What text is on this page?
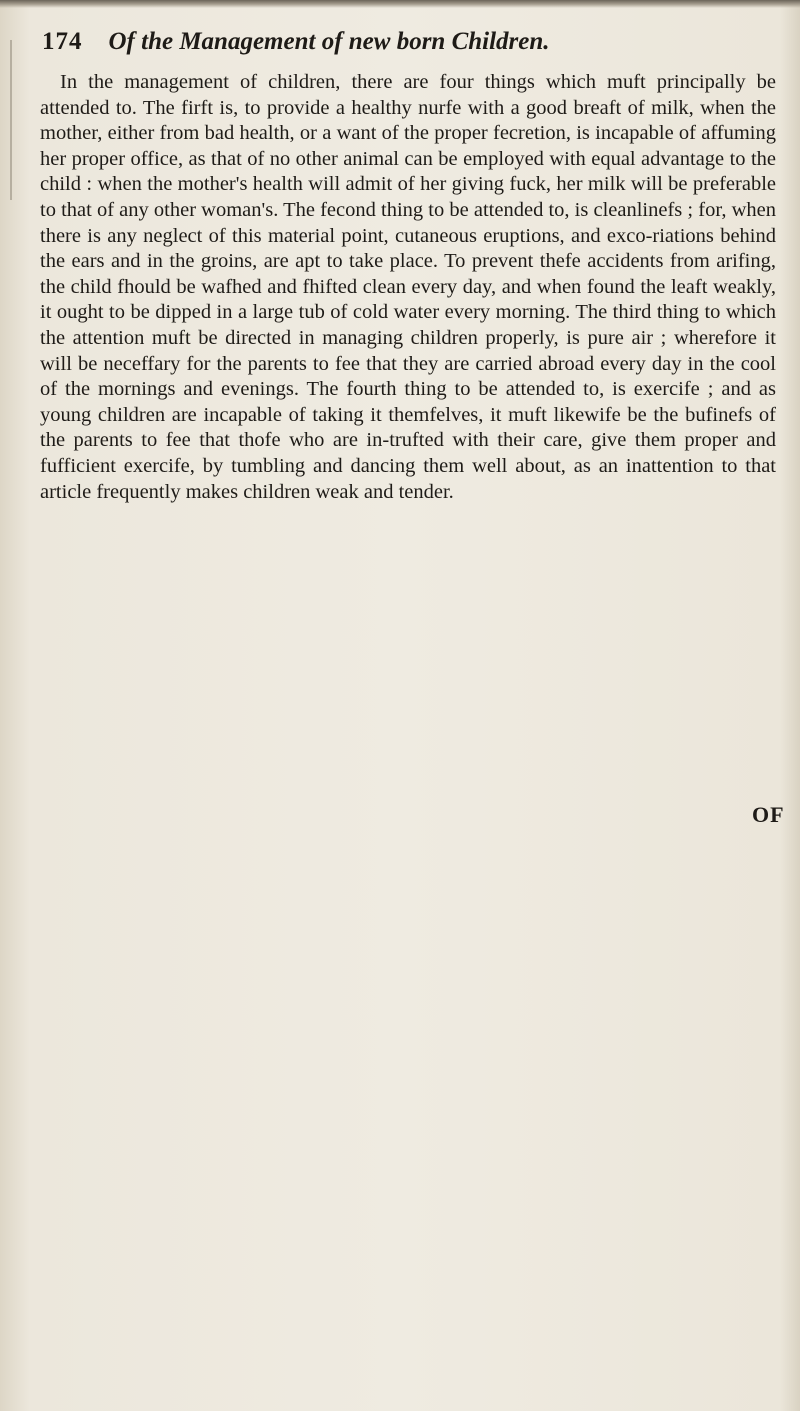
174 Of the Management of new born Children.

In the management of children, there are four things which muft principally be attended to. The firft is, to provide a healthy nurfe with a good breaft of milk, when the mother, either from bad health, or a want of the proper fecretion, is incapable of affuming her proper office, as that of no other animal can be employed with equal advantage to the child : when the mother's health will admit of her giving fuck, her milk will be preferable to that of any other woman's. The fecond thing to be attended to, is cleanlinefs ; for, when there is any neglect of this material point, cutaneous eruptions, and exco-riations behind the ears and in the groins, are apt to take place. To prevent thefe accidents from arifing, the child fhould be wafhed and fhifted clean every day, and when found the leaft weakly, it ought to be dipped in a large tub of cold water every morning. The third thing to which the attention muft be directed in managing children properly, is pure air ; wherefore it will be neceffary for the parents to fee that they are carried abroad every day in the cool of the mornings and evenings. The fourth thing to be attended to, is exercife ; and as young children are incapable of taking it themfelves, it muft likewife be the bufinefs of the parents to fee that thofe who are in-trufted with their care, give them proper and fufficient exercife, by tumbling and dancing them well about, as an inattention to that article frequently makes children weak and tender.

OF
